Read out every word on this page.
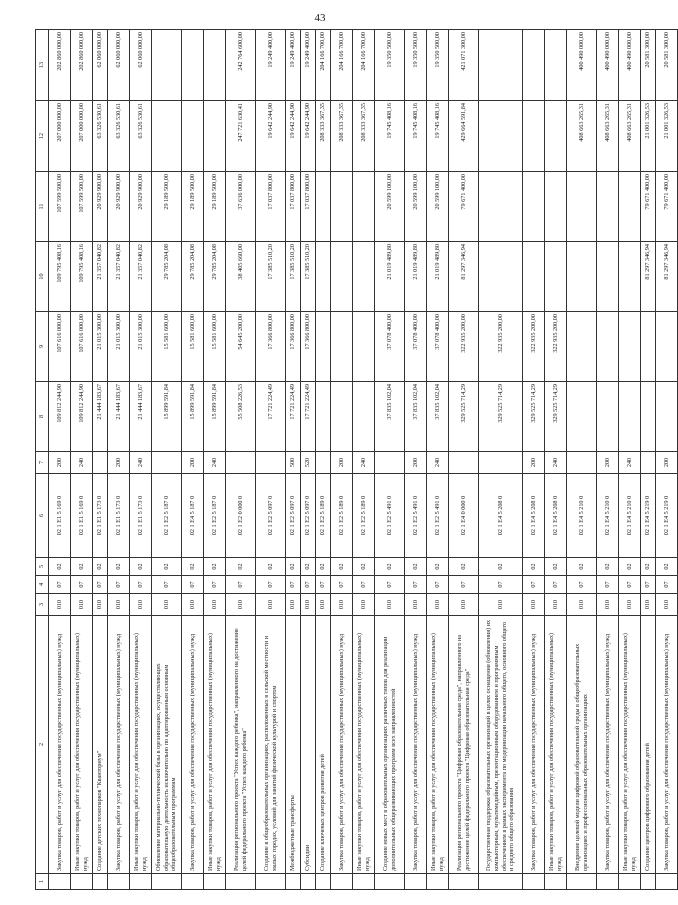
43
1	2	3	4	5	6	7	8	9	10	11	12	13
	Закупка товаров, работ и услуг для обеспечения государственных (муниципальных) нужд	010	07	02	02 1 E1 5 169 0	200	109 812 244,90	107 616 000,00	109 795 408,16	107 599 500,00	207 000 000,00	202 860 000,00
	Иные закупки товаров, работ и услуг для обеспечения государственных (муниципальных) нужд	010	07	02	02 1 E1 5 169 0	240	109 812 244,90	107 616 000,00	109 795 408,16	107 599 500,00	207 000 000,00	202 860 000,00
	Создание детских технопарков "Кванториум"	010	07	02	02 1 E1 5 173 0		21 444 183,67	21 015 300,00	21 357 040,82	20 929 900,00	63 326 530,61	62 060 000,00
	Закупка товаров, работ и услуг для обеспечения государственных (муниципальных) нужд	010	07	02	02 1 E1 5 173 0	200	21 444 183,67	21 015 300,00	21 357 040,82	20 929 900,00	63 326 530,61	62 060 000,00
	Иные закупки товаров, работ и услуг для обеспечения государственных (муниципальных) нужд	010	07	02	02 1 E1 5 173 0	240	21 444 183,67	21 015 300,00	21 357 040,82	20 929 900,00	63 326 530,61	62 060 000,00
	Обновление материально-технической базы в организациях, осуществляющих образовательную деятельность исключительно по адаптированным основным общеобразовательным программам	010	07	02	02 1 E2 5 187 0		15 899 591,84	15 581 600,00	29 785 204,08	29 189 500,00		
	Закупка товаров, работ и услуг для обеспечения государственных (муниципальных) нужд	010	07	02	02 1 E4 5 187 0	200	15 899 591,84	15 581 600,00	29 785 204,08	29 189 500,00		
	Иные закупки товаров, работ и услуг для обеспечения государственных (муниципальных) нужд	010	07	02	02 1 E2 5 187 0	240	15 899 591,84	15 581 600,00	29 785 204,08	29 189 500,00		
	Реализация регионального проекта "Успех каждого ребенка", направленного на достижение целей федерального проекта "Успех каждого ребенка"	010	07	02	02 1 E2 0 000 0		55 508 226,53	54 645 200,00	38 405 660,00	37 636 000,00	247 721 630,41	242 764 600,00
	Создание в общеобразовательных организациях, расположенных в сельской местности и малых городах, условий для занятий физической культурой и спортом	010	07	02	02 1 E2 5 097 0		17 721 224,49	17 366 800,00	17 385 510,20	17 037 800,00	19 642 244,90	19 249 400,00
	Межбюджетные трансферты	010	07	02	02 1 E2 5 097 0	500	17 721 224,49	17 366 800,00	17 385 510,20	17 037 800,00	19 642 244,90	19 249 400,00
	Субсидии	010	07	02	02 1 E2 5 097 0	520	17 721 224,49	17 366 800,00	17 385 510,20	17 037 800,00	19 642 244,90	19 249 400,00
	Создание ключевых центров развития детей	010	07	02	02 1 E2 5 189 0						208 333 367,35	204 166 700,00
	Закупка товаров, работ и услуг для обеспечения государственных (муниципальных) нужд	010	07	02	02 1 E2 5 189 0	200					208 333 367,35	204 166 700,00
	Иные закупки товаров, работ и услуг для обеспечения государственных (муниципальных) нужд	010	07	02	02 1 E2 5 189 0	240					208 333 367,35	204 166 700,00
	Создание новых мест в образовательных организациях различных типов для реализации дополнительных общеразвивающих программ всех направленностей	010	07	02	02 1 E2 5 491 0		37 835 102,04	37 078 400,00	21 019 489,80	20 599 100,00	19 745 408,16	19 350 500,00
	Закупка товаров, работ и услуг для обеспечения государственных (муниципальных) нужд	010	07	02	02 1 E2 5 491 0	200	37 835 102,04	37 078 400,00	21 019 489,80	20 599 100,00	19 745 408,16	19 350 500,00
	Иные закупки товаров, работ и услуг для обеспечения государственных (муниципальных) нужд	010	07	02	02 1 E2 5 491 0	240	37 835 102,04	37 078 400,00	21 019 489,80	20 599 100,00	19 745 408,16	19 350 500,00
	Реализация регионального проекта "Цифровая образовательная среда", направленного на достижение целей федерального проекта "Цифровая образовательная среда"	010	07	02	02 1 E4 0 000 0		329 525 714,29	322 935 200,00	81 297 346,94	79 671 400,00	429 664 591,84	421 071 300,00
	Государственная поддержка образовательных организаций в целях оснащения (обновления) их компьютерным, мультимедийным, презентационным оборудованием и программным обеспечением в рамках эксперимента по модернизации начального общего, основного общего и среднего общего образования	010	07	02	02 1 E4 5 208 0		329 525 714,29	322 935 200,00				
	Закупка товаров, работ и услуг для обеспечения государственных (муниципальных) нужд	010	07	02	02 1 E4 5 208 0	200	329 525 714,29	322 935 200,00				
	Иные закупки товаров, работ и услуг для обеспечения государственных (муниципальных) нужд	010	07	02	02 1 E4 5 208 0	240	329 525 714,29	322 935 200,00				
	Внедрение целевой модели цифровой образовательной среды в общеобразовательных организациях и профессиональных образовательных организациях	010	07	02	02 1 E4 5 210 0						408 663 265,31	400 490 000,00
	Закупка товаров, работ и услуг для обеспечения государственных (муниципальных) нужд	010	07	02	02 1 E4 5 210 0	200					408 663 265,31	400 490 000,00
	Иные закупки товаров, работ и услуг для обеспечения государственных (муниципальных) нужд	010	07	02	02 1 E4 5 210 0	240					408 663 265,31	400 490 000,00
	Создание центров цифрового образования детей	010	07	02	02 1 E4 5 219 0				81 297 346,94	79 671 400,00	21 001 326,53	20 581 300,00
	Закупка товаров, работ и услуг для обеспечения государственных (муниципальных) нужд	010	07	02	02 1 E4 5 219 0	200			81 297 346,94	79 671 400,00	21 001 326,53	20 581 300,00
